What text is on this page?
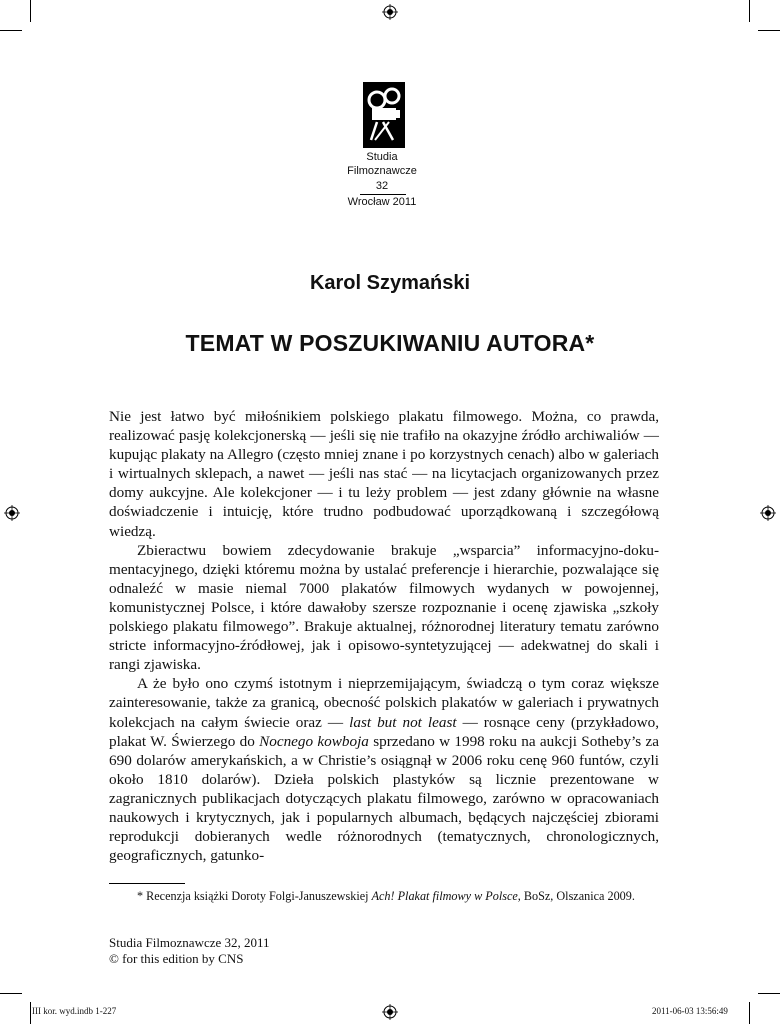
Studia
Filmoznawcze
32
Wrocław 2011
Karol Szymański
TEMAT W POSZUKIWANIU AUTORA*

Nie jest łatwo być miłośnikiem polskiego plakatu filmowego. Można, co prawda, realizować pasję kolekcjonerską — jeśli się nie trafiło na okazyjne źródło archiwaliów — kupując plakaty na Allegro (często mniej znane i po korzystnych cenach) albo w galeriach i wirtualnych sklepach, a nawet — jeśli nas stać — na licytacjach organizowanych przez domy aukcyjne. Ale kolekcjoner — i tu leży problem — jest zdany głównie na własne doświadczenie i intuicję, które trudno podbudować uporządkowaną i szczegółową wiedzą.

Zbieractwu bowiem zdecydowanie brakuje „wsparcia” informacyjno-dokumentacyjnego, dzięki któremu można by ustalać preferencje i hierarchie, pozwalające się odnaleźć w masie niemal 7000 plakatów filmowych wydanych w powojennej, komunistycznej Polsce, i które dawałoby szersze rozpoznanie i ocenę zjawiska „szkoły polskiego plakatu filmowego”. Brakuje aktualnej, różnorodnej literatury tematu zarówno stricte informacyjno-źródłowej, jak i opisowo-syntetyzującej — adekwatnej do skali i rangi zjawiska.

A że było ono czymś istotnym i nieprzemijającym, świadczą o tym coraz większe zainteresowanie, także za granicą, obecność polskich plakatów w galeriach i prywatnych kolekcjach na całym świecie oraz — last but not least — rosnące ceny (przykładowo, plakat W. Świerzego do Nocnego kowboja sprzedano w 1998 roku na aukcji Sotheby’s za 690 dolarów amerykańskich, a w Christie’s osiągnął w 2006 roku cenę 960 funtów, czyli około 1810 dolarów). Dzieła polskich plastyków są licznie prezentowane w zagranicznych publikacjach dotyczących plakatu filmowego, zarówno w opracowaniach naukowych i krytycznych, jak i popularnych albumach, będących najczęściej zbiorami reprodukcji dobieranych wedle różnorodnych (tematycznych, chronologicznych, geograficznych, gatunko-

* Recenzja książki Doroty Folgi-Januszewskiej Ach! Plakat filmowy w Polsce, BoSz, Olszanica 2009.
Studia Filmoznawcze 32, 2011
© for this edition by CNS
III kor. wyd.indb 1-227	2011-06-03 13:56:49
